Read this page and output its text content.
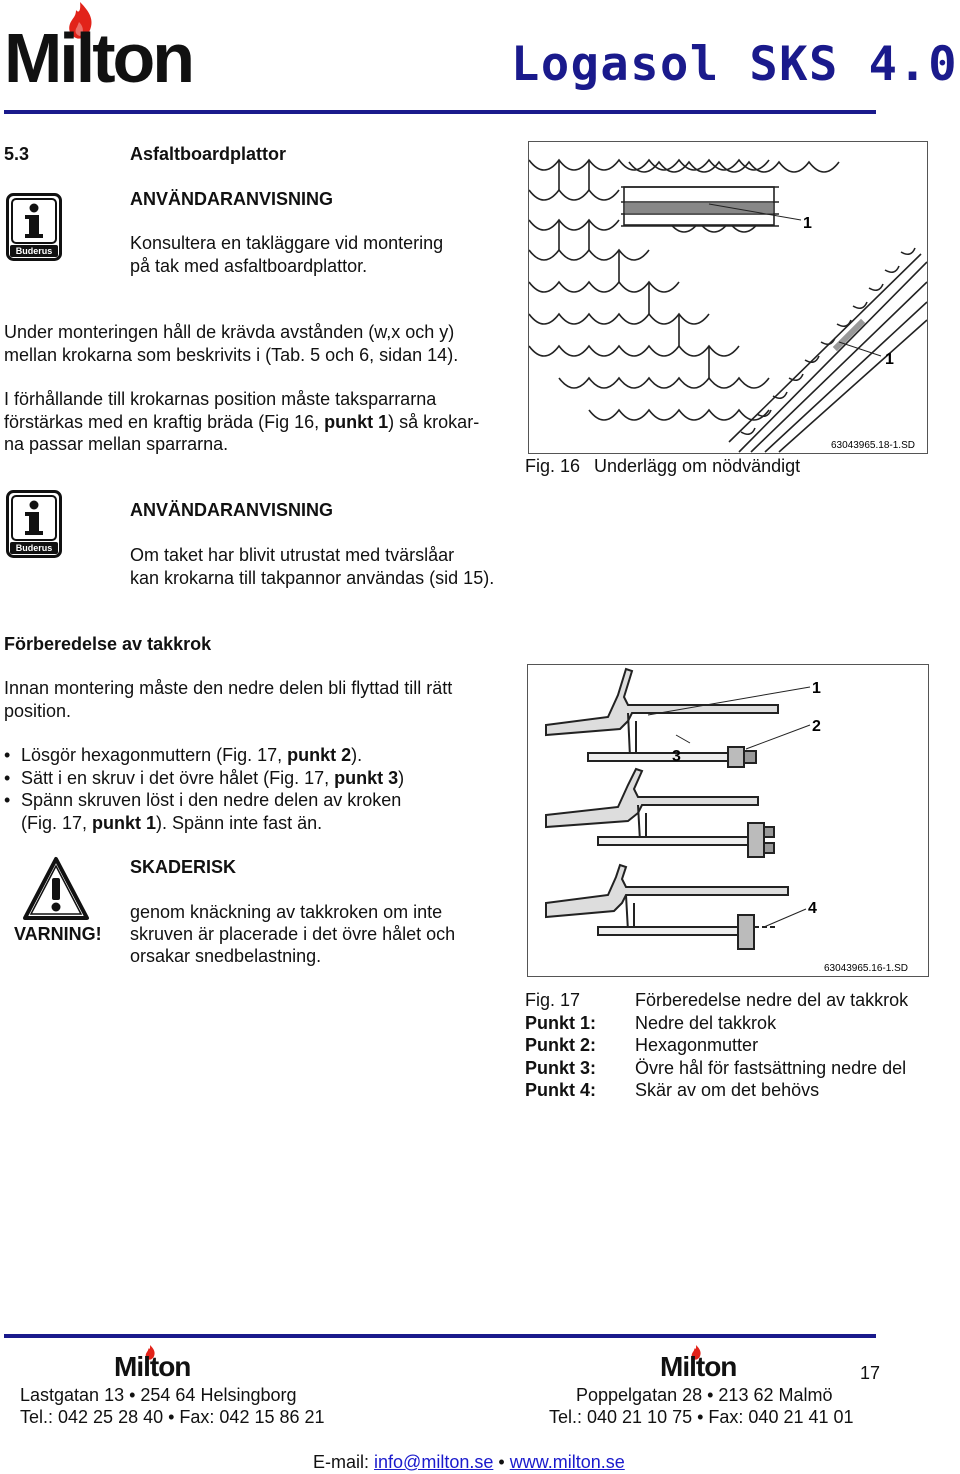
Milton	Logasol SKS 4.0
5.3	Asfaltboardplattor
Buderus
ANVÄNDARANVISNING
Konsultera en takläggare vid montering
på tak med asfaltboardplattor.
Under monteringen håll de krävda avstånden (w,x och y)
mellan krokarna som beskrivits i (Tab. 5 och 6, sidan 14).
I förhållande till krokarnas position måste taksparrarna
förstärkas med en kraftig bräda (Fig 16, punkt 1) så krokar-
na passar mellan sparrarna.
1
1
63043965.18-1.SD
Fig. 16 Underlägg om nödvändigt
Buderus
ANVÄNDARANVISNING
Om taket har blivit utrustat med tvärslåar
kan krokarna till takpannor användas (sid 15).
Förberedelse av takkrok
Innan montering måste den nedre delen bli flyttad till rätt
position.
• Lösgör hexagonmuttern (Fig. 17, punkt 2).
• Sätt i en skruv i det övre hålet (Fig. 17, punkt 3)
• Spänn skruven löst i den nedre delen av kroken
(Fig. 17, punkt 1). Spänn inte fast än.
VARNING!
SKADERISK
genom knäckning av takkroken om inte
skruven är placerade i det övre hålet och
orsakar snedbelastning.
1
2
3
4
63043965.16-1.SD
Fig. 17	Förberedelse nedre del av takkrok
Punkt 1: Nedre del takkrok
Punkt 2: Hexagonmutter
Punkt 3: Övre hål för fastsättning nedre del
Punkt 4: Skär av om det behövs
Milton	Milton	17
Lastgatan 13 • 254 64 Helsingborg
Tel.: 042 25 28 40 • Fax: 042 15 86 21
Poppelgatan 28 • 213 62 Malmö
Tel.: 040 21 10 75 • Fax: 040 21 41 01
E-mail: info@milton.se • www.milton.se
